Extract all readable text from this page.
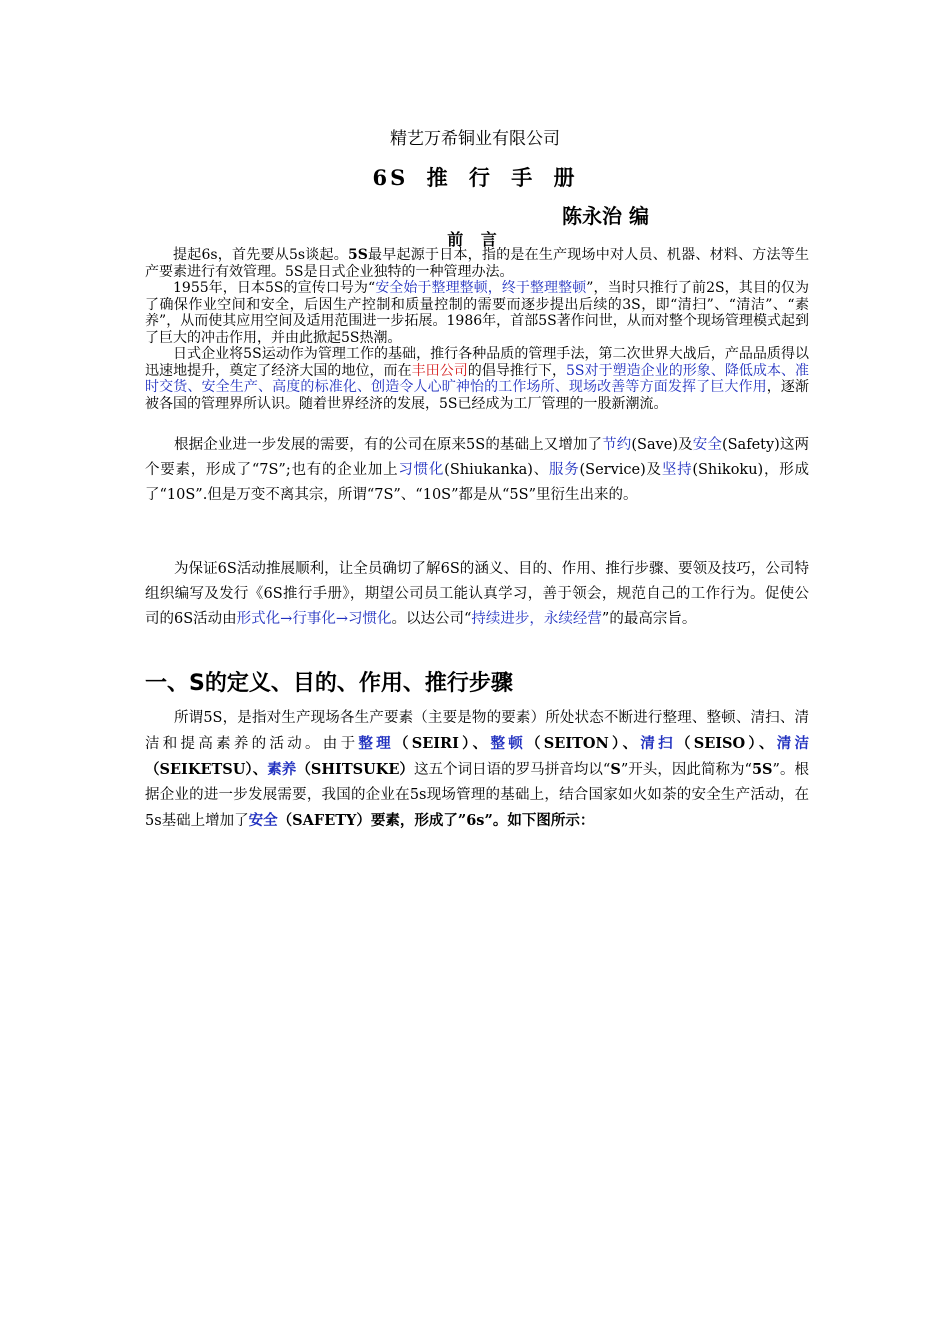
精艺万希铜业有限公司
6S 推 行 手 册
陈永治 编
前 言

提起6s，首先要从5s谈起。5S最早起源于日本，指的是在生产现场中对人员、机器、材料、方法等生产要素进行有效管理。5S是日式企业独特的一种管理办法。

1955年，日本5S的宣传口号为“安全始于整理整顿，终于整理整顿”，当时只推行了前2S，其目的仅为了确保作业空间和安全，后因生产控制和质量控制的需要而逐步提出后续的3S，即“清扫”、“清洁”、“素养”，从而使其应用空间及适用范围进一步拓展。1986年，首部5S著作问世，从而对整个现场管理模式起到了巨大的冲击作用，并由此掀起5S热潮。

日式企业将5S运动作为管理工作的基础，推行各种品质的管理手法，第二次世界大战后，产品品质得以迅速地提升，奠定了经济大国的地位，而在丰田公司的倡导推行下，5S对于塑造企业的形象、降低成本、准时交货、安全生产、高度的标准化、创造令人心旷神怡的工作场所、现场改善等方面发挥了巨大作用，逐渐被各国的管理界所认识。随着世界经济的发展，5S已经成为工厂管理的一股新潮流。

根据企业进一步发展的需要，有的公司在原来5S的基础上又增加了节约(Save)及安全(Safety)这两个要素，形成了“7S”;也有的企业加上习惯化(Shiukanka)、服务(Service)及坚持(Shikoku)，形成了“10S”.但是万变不离其宗，所谓“7S”、“10S”都是从“5S”里衍生出来的。

为保证6S活动推展顺利，让全员确切了解6S的涵义、目的、作用、推行步骤、要领及技巧，公司特组织编写及发行《6S推行手册》，期望公司员工能认真学习，善于领会，规范自己的工作行为。促使公司的6S活动由形式化→行事化→习惯化。以达公司“持续进步，永续经营”的最高宗旨。

一、S的定义、目的、作用、推行步骤

所谓5S，是指对生产现场各生产要素（主要是物的要素）所处状态不断进行整理、整顿、清扫、清洁和提高素养的活动。由于整理（SEIRI）、整顿（SEITON）、清扫（SEISO）、清洁（SEIKETSU）、素养（SHITSUKE）这五个词日语的罗马拼音均以“S”开头，因此简称为“5S”。根据企业的进一步发展需要，我国的企业在5s现场管理的基础上，结合国家如火如荼的安全生产活动，在5s基础上增加了安全（SAFETY）要素，形成了”6s”。如下图所示：
